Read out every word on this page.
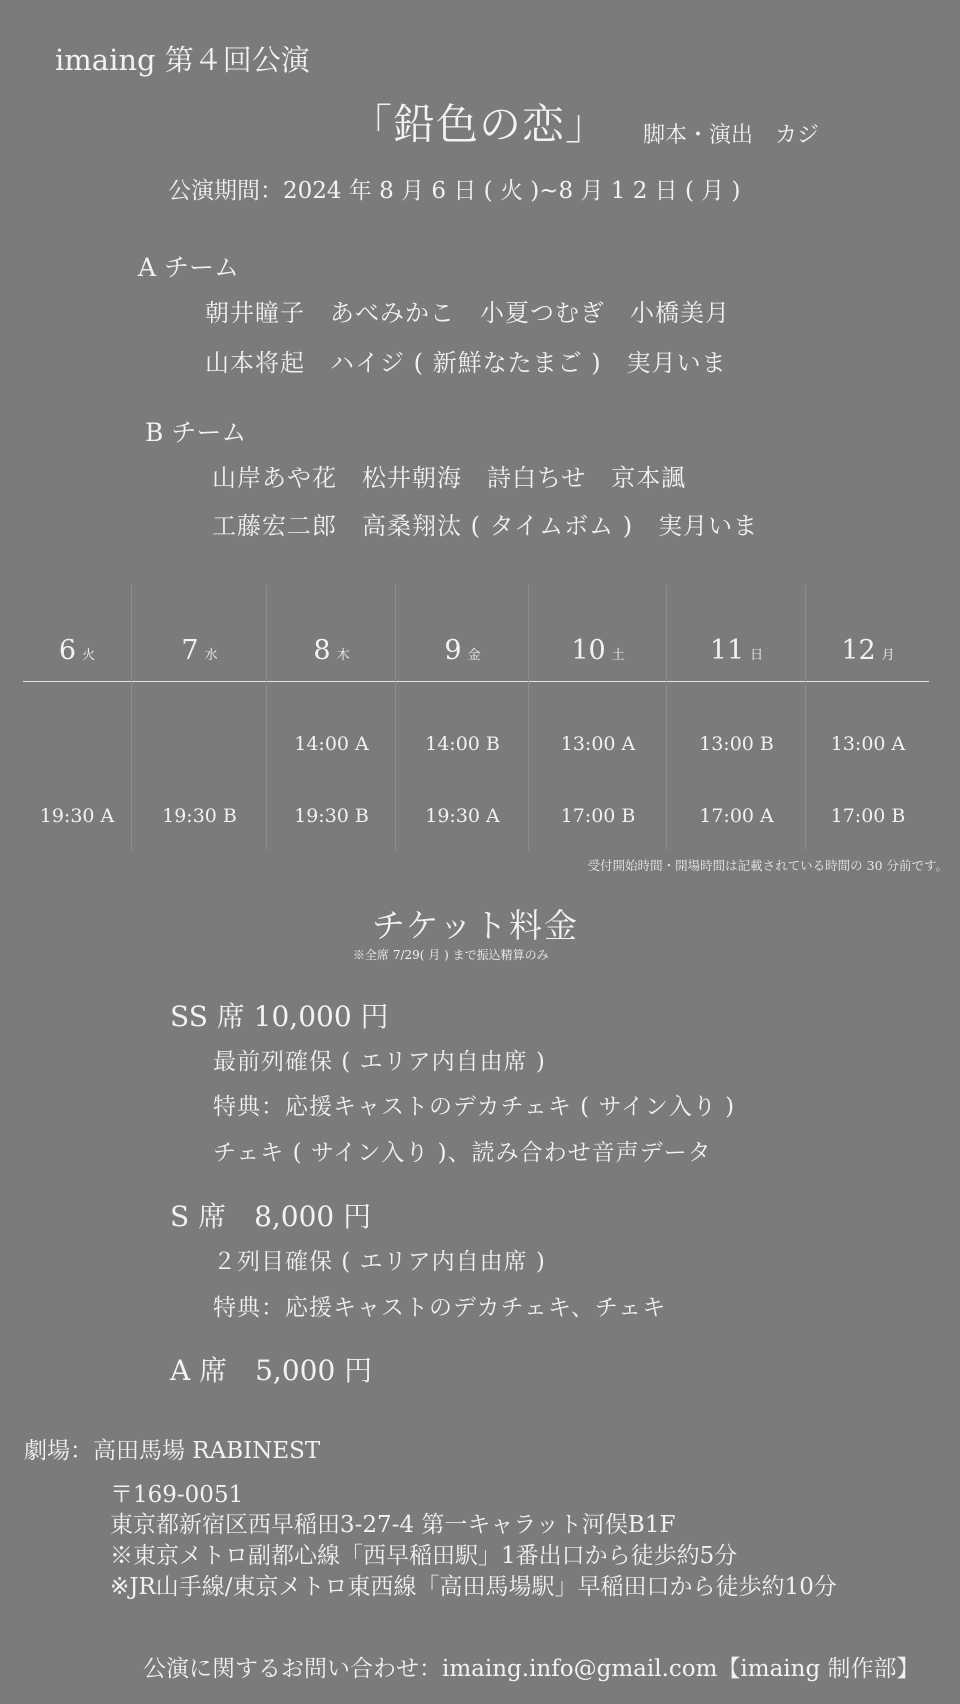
imaing 第４回公演
「鉛色の恋」 脚本・演出　カジ
公演期間：2024 年 8 月 6 日 ( 火 )~8 月 1 2 日 ( 月 )
A チーム
朝井瞳子　あべみかこ　小夏つむぎ　小橋美月
山本将起　ハイジ ( 新鮮なたまご )　実月いま
B チーム
山岸あや花　松井朝海　詩白ちせ　京本諷
工藤宏二郎　高桑翔汰 ( タイムボム )　実月いま
6 火
19:30 A
7 水
19:30 B
8 木
14:00 A
19:30 B
9 金
14:00 B
19:30 A
10 土
13:00 A
17:00 B
11 日
13:00 B
17:00 A
12 月
13:00 A
17:00 B
受付開始時間・開場時間は記載されている時間の 30 分前です。
チケット料金
※全席 7/29( 月 ) まで振込精算のみ
SS 席 10,000 円
最前列確保 ( エリア内自由席 )
特典：応援キャストのデカチェキ ( サイン入り )
チェキ ( サイン入り )、読み合わせ音声データ
S 席　8,000 円
２列目確保 ( エリア内自由席 )
特典：応援キャストのデカチェキ、チェキ
A 席　5,000 円
劇場：高田馬場 RABINEST
〒169-0051
東京都新宿区西早稲田3-27-4 第一キャラット河俣B1F
※東京メトロ副都心線「西早稲田駅」1番出口から徒歩約5分
※JR山手線/東京メトロ東西線「高田馬場駅」早稲田口から徒歩約10分
公演に関するお問い合わせ：imaing.info@gmail.com【imaing 制作部】
